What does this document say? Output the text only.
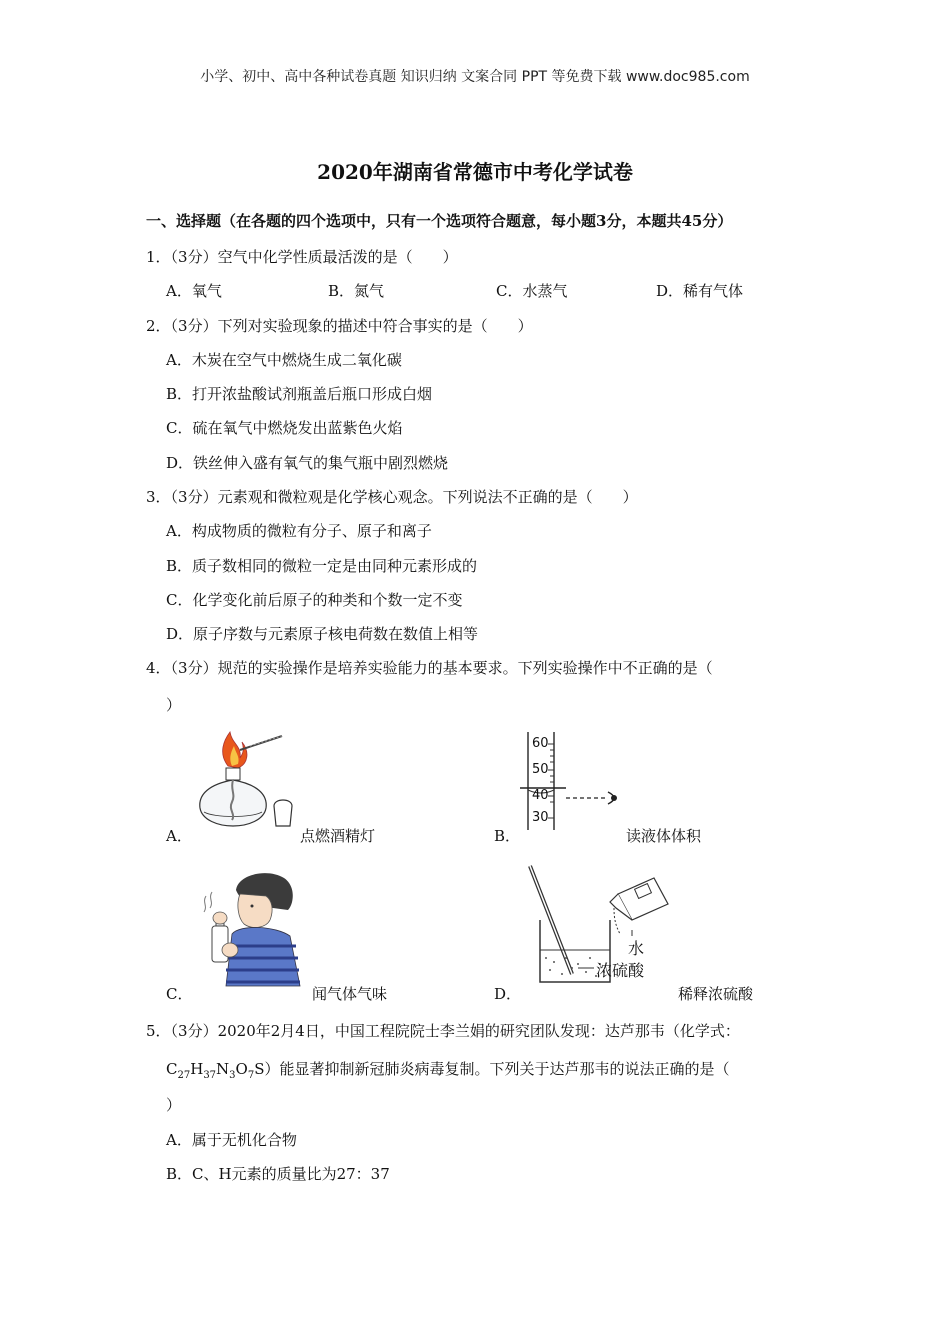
小学、初中、高中各种试卷真题 知识归纳 文案合同 PPT 等免费下载 www.doc985.com
2020年湖南省常德市中考化学试卷
一、选择题（在各题的四个选项中，只有一个选项符合题意，每小题3分，本题共45分）
1．（3分）空气中化学性质最活泼的是（　　）
A．氧气	B．氮气	C．水蒸气	D．稀有气体
2．（3分）下列对实验现象的描述中符合事实的是（　　）
A．木炭在空气中燃烧生成二氧化碳
B．打开浓盐酸试剂瓶盖后瓶口形成白烟
C．硫在氧气中燃烧发出蓝紫色火焰
D．铁丝伸入盛有氧气的集气瓶中剧烈燃烧
3．（3分）元素观和微粒观是化学核心观念。下列说法不正确的是（　　）
A．构成物质的微粒有分子、原子和离子
B．质子数相同的微粒一定是由同种元素形成的
C．化学变化前后原子的种类和个数一定不变
D．原子序数与元素原子核电荷数在数值上相等
4．（3分）规范的实验操作是培养实验能力的基本要求。下列实验操作中不正确的是（
）
A．	点燃酒精灯
60
50
40
30
B．	读液体体积
C．	闻气体气味
水
浓硫酸
D．	稀释浓硫酸
5．（3分）2020年2月4日，中国工程院院士李兰娟的研究团队发现：达芦那韦（化学式：
$C_{27}H_{37}N_3O_7S$）能显著抑制新冠肺炎病毒复制。下列关于达芦那韦的说法正确的是（
）
A．属于无机化合物
B．C、H元素的质量比为27：37
